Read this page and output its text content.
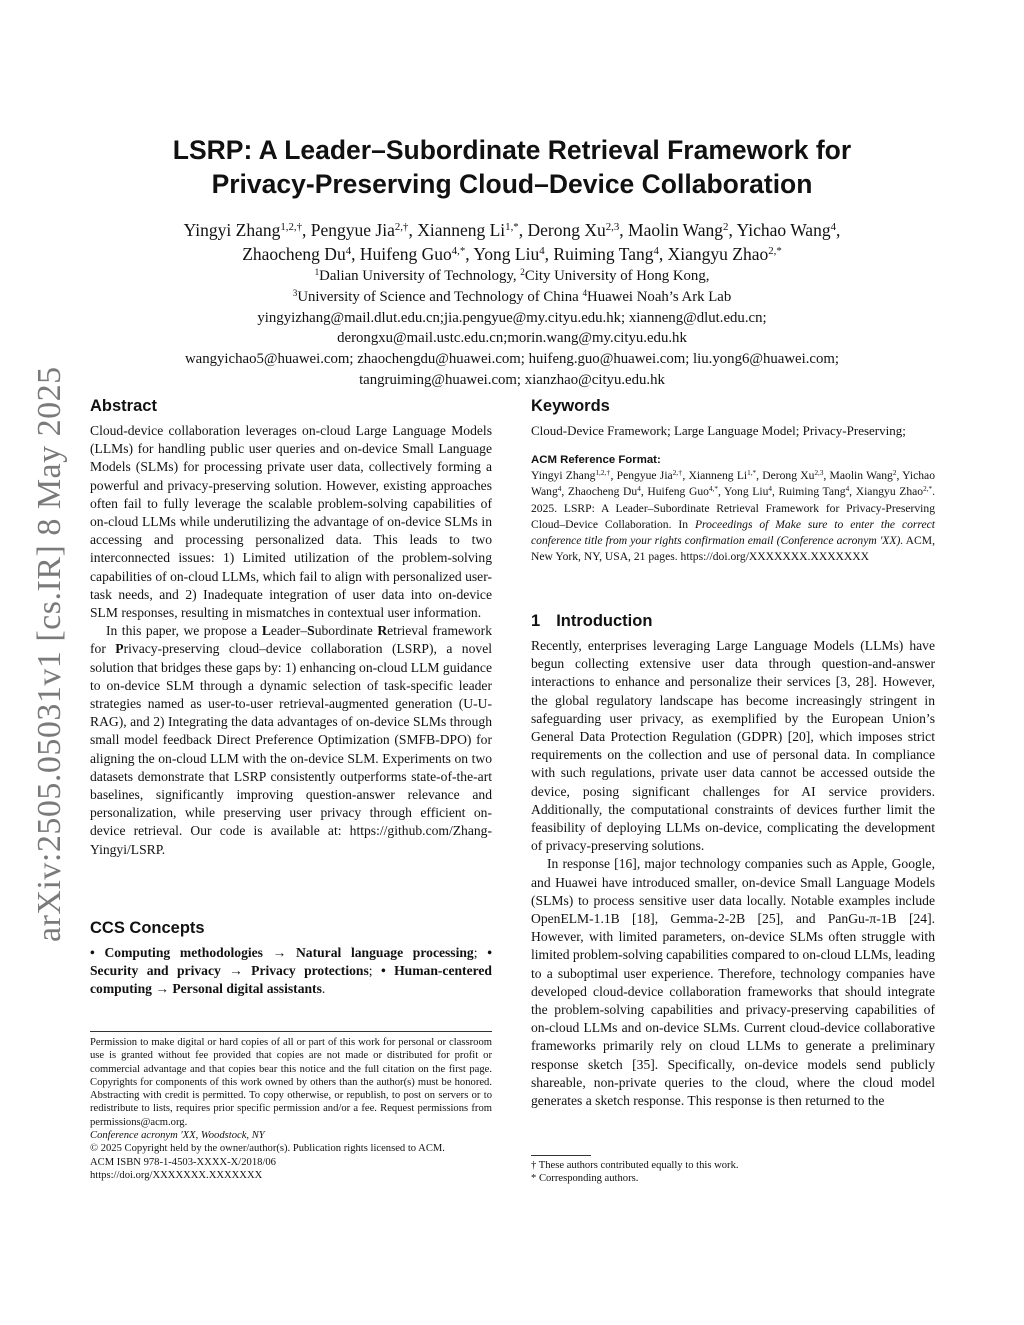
arXiv:2505.05031v1 [cs.IR] 8 May 2025
LSRP: A Leader–Subordinate Retrieval Framework for
Privacy-Preserving Cloud–Device Collaboration
Yingyi Zhang$^{1,2,\dagger}$, Pengyue Jia$^{2,\dagger}$, Xianneng $Li^{1,*}$, Derong Xu$^{2,3}$, Maolin Wang$^2$, Yichao Wang$^4$,
Zhaocheng Du$^4$, Huifeng Guo$^{4,*}$, Yong Liu$^4$, Ruiming Tang$^4$, Xiangyu Zhao$^{2,*}$
$^1$Dalian University of Technology, $^2$City University of Hong Kong,
$^3$University of Science and Technology of China $^4$Huawei Noah’s Ark Lab
yingyizhang@mail.dlut.edu.cn;jia.pengyue@my.cityu.edu.hk; xianneng@dlut.edu.cn;
derongxu@mail.ustc.edu.cn;morin.wang@my.cityu.edu.hk
wangyichao5@huawei.com; zhaochengdu@huawei.com; huifeng.guo@huawei.com; liu.yong6@huawei.com;
tangruiming@huawei.com; xianzhao@cityu.edu.hk
Abstract

Cloud-device collaboration leverages on-cloud Large Language Models (LLMs) for handling public user queries and on-device Small Language Models (SLMs) for processing private user data, collectively forming a powerful and privacy-preserving solution. However, existing approaches often fail to fully leverage the scalable problem-solving capabilities of on-cloud LLMs while underutilizing the advantage of on-device SLMs in accessing and processing personalized data. This leads to two interconnected issues: 1) Limited utilization of the problem-solving capabilities of on-cloud LLMs, which fail to align with personalized user-task needs, and 2) Inadequate integration of user data into on-device SLM responses, resulting in mismatches in contextual user information.

In this paper, we propose a Leader–Subordinate Retrieval framework for Privacy-preserving cloud–device collaboration (LSRP), a novel solution that bridges these gaps by: 1) enhancing on-cloud LLM guidance to on-device SLM through a dynamic selection of task-specific leader strategies named as user-to-user retrieval-augmented generation (U-U-RAG), and 2) Integrating the data advantages of on-device SLMs through small model feedback Direct Preference Optimization (SMFB-DPO) for aligning the on-cloud LLM with the on-device SLM. Experiments on two datasets demonstrate that LSRP consistently outperforms state-of-the-art baselines, significantly improving question-answer relevance and personalization, while preserving user privacy through efficient on-device retrieval. Our code is available at: https://github.com/Zhang-Yingyi/LSRP.

CCS Concepts
• Computing methodologies → Natural language processing; • Security and privacy → Privacy protections; • Human-centered computing → Personal digital assistants.
Permission to make digital or hard copies of all or part of this work for personal or classroom use is granted without fee provided that copies are not made or distributed for profit or commercial advantage and that copies bear this notice and the full citation on the first page. Copyrights for components of this work owned by others than the author(s) must be honored. Abstracting with credit is permitted. To copy otherwise, or republish, to post on servers or to redistribute to lists, requires prior specific permission and/or a fee. Request permissions from permissions@acm.org.
Conference acronym 'XX, Woodstock, NY
© 2025 Copyright held by the owner/author(s). Publication rights licensed to ACM.
ACM ISBN 978-1-4503-XXXX-X/2018/06
https://doi.org/XXXXXXX.XXXXXXX
Keywords
Cloud-Device Framework; Large Language Model; Privacy-Preserving;
ACM Reference Format:
Yingyi Zhang$^{1,2,\dagger}$, Pengyue Jia$^{2,\dagger}$, Xianneng $Li^{1,*}$, Derong Xu$^{2,3}$, Maolin Wang$^2$, Yichao Wang$^4$, Zhaocheng Du$^4$, Huifeng Guo$^{4,*}$, Yong Liu$^4$, Ruiming Tang$^4$, Xiangyu Zhao$^{2,*}$. 2025. LSRP: A Leader–Subordinate Retrieval Framework for Privacy-Preserving Cloud–Device Collaboration. In Proceedings of Make sure to enter the correct conference title from your rights confirmation email (Conference acronym 'XX). ACM, New York, NY, USA, 21 pages. https://doi.org/XXXXXXX.XXXXXXX
1 Introduction

Recently, enterprises leveraging Large Language Models (LLMs) have begun collecting extensive user data through question-and-answer interactions to enhance and personalize their services [3, 28]. However, the global regulatory landscape has become increasingly stringent in safeguarding user privacy, as exemplified by the European Union’s General Data Protection Regulation (GDPR) [20], which imposes strict requirements on the collection and use of personal data. In compliance with such regulations, private user data cannot be accessed outside the device, posing significant challenges for AI service providers. Additionally, the computational constraints of devices further limit the feasibility of deploying LLMs on-device, complicating the development of privacy-preserving solutions.

In response [16], major technology companies such as Apple, Google, and Huawei have introduced smaller, on-device Small Language Models (SLMs) to process sensitive user data locally. Notable examples include OpenELM-1.1B [18], Gemma-2-2B [25], and PanGu-π-1B [24]. However, with limited parameters, on-device SLMs often struggle with limited problem-solving capabilities compared to on-cloud LLMs, leading to a suboptimal user experience. Therefore, technology companies have developed cloud-device collaboration frameworks that should integrate the problem-solving capabilities and privacy-preserving capabilities of on-cloud LLMs and on-device SLMs. Current cloud-device collaborative frameworks primarily rely on cloud LLMs to generate a preliminary response sketch [35]. Specifically, on-device models send publicly shareable, non-private queries to the cloud, where the cloud model generates a sketch response. This response is then returned to the

† These authors contributed equally to this work.
* Corresponding authors.
